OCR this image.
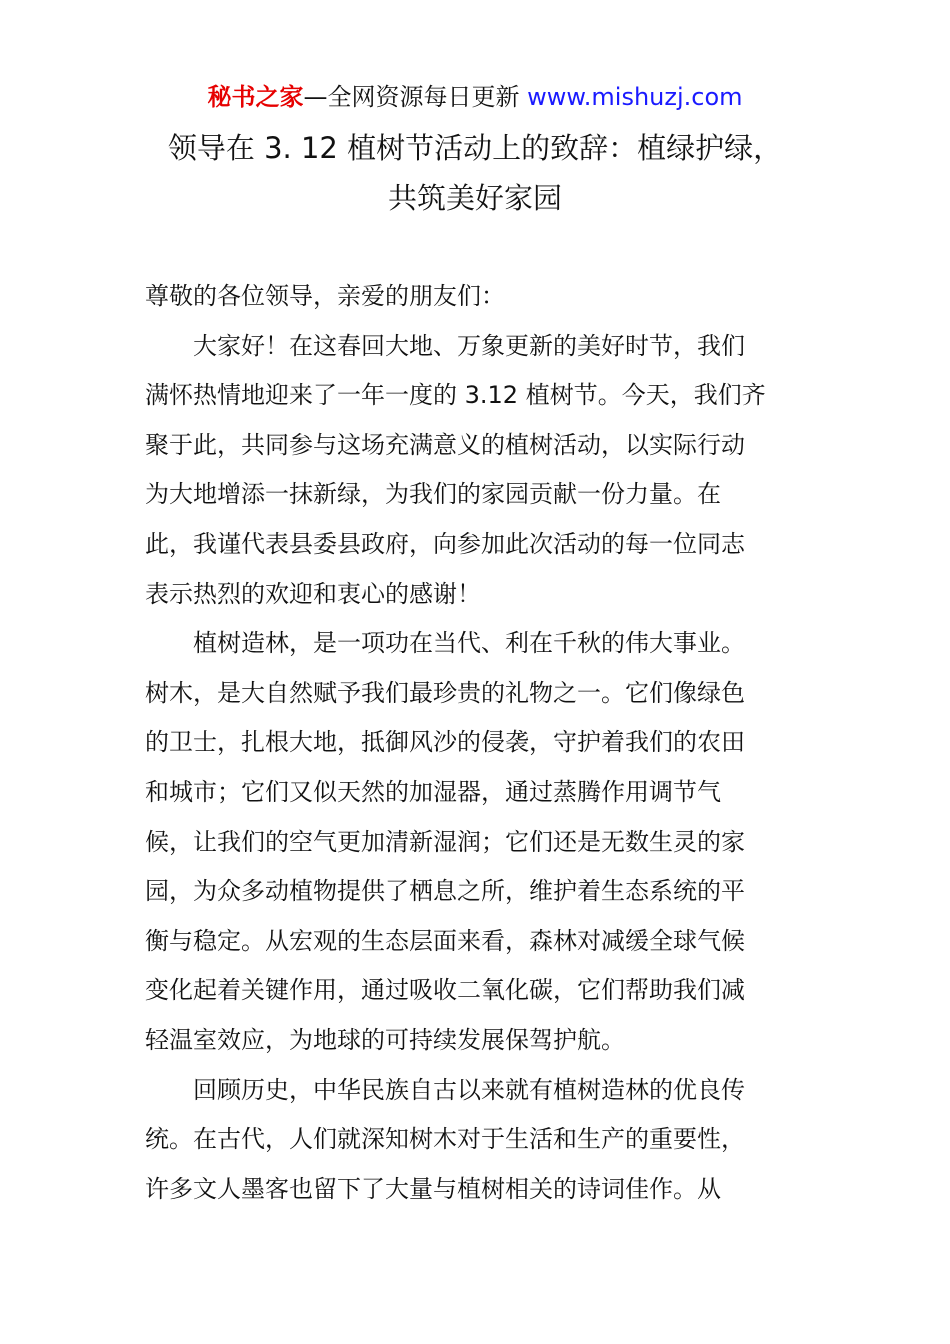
秘书之家—全网资源每日更新 www.mishuzj.com
领导在 3. 12 植树节活动上的致辞：植绿护绿，
共筑美好家园
尊敬的各位领导，亲爱的朋友们：
大家好！在这春回大地、万象更新的美好时节，我们
满怀热情地迎来了一年一度的 3.12 植树节。今天，我们齐
聚于此，共同参与这场充满意义的植树活动，以实际行动
为大地增添一抹新绿，为我们的家园贡献一份力量。在
此，我谨代表县委县政府，向参加此次活动的每一位同志
表示热烈的欢迎和衷心的感谢！
植树造林，是一项功在当代、利在千秋的伟大事业。
树木，是大自然赋予我们最珍贵的礼物之一。它们像绿色
的卫士，扎根大地，抵御风沙的侵袭，守护着我们的农田
和城市；它们又似天然的加湿器，通过蒸腾作用调节气
候，让我们的空气更加清新湿润；它们还是无数生灵的家
园，为众多动植物提供了栖息之所，维护着生态系统的平
衡与稳定。从宏观的生态层面来看，森林对减缓全球气候
变化起着关键作用，通过吸收二氧化碳，它们帮助我们减
轻温室效应，为地球的可持续发展保驾护航。
回顾历史，中华民族自古以来就有植树造林的优良传
统。在古代，人们就深知树木对于生活和生产的重要性，
许多文人墨客也留下了大量与植树相关的诗词佳作。从
